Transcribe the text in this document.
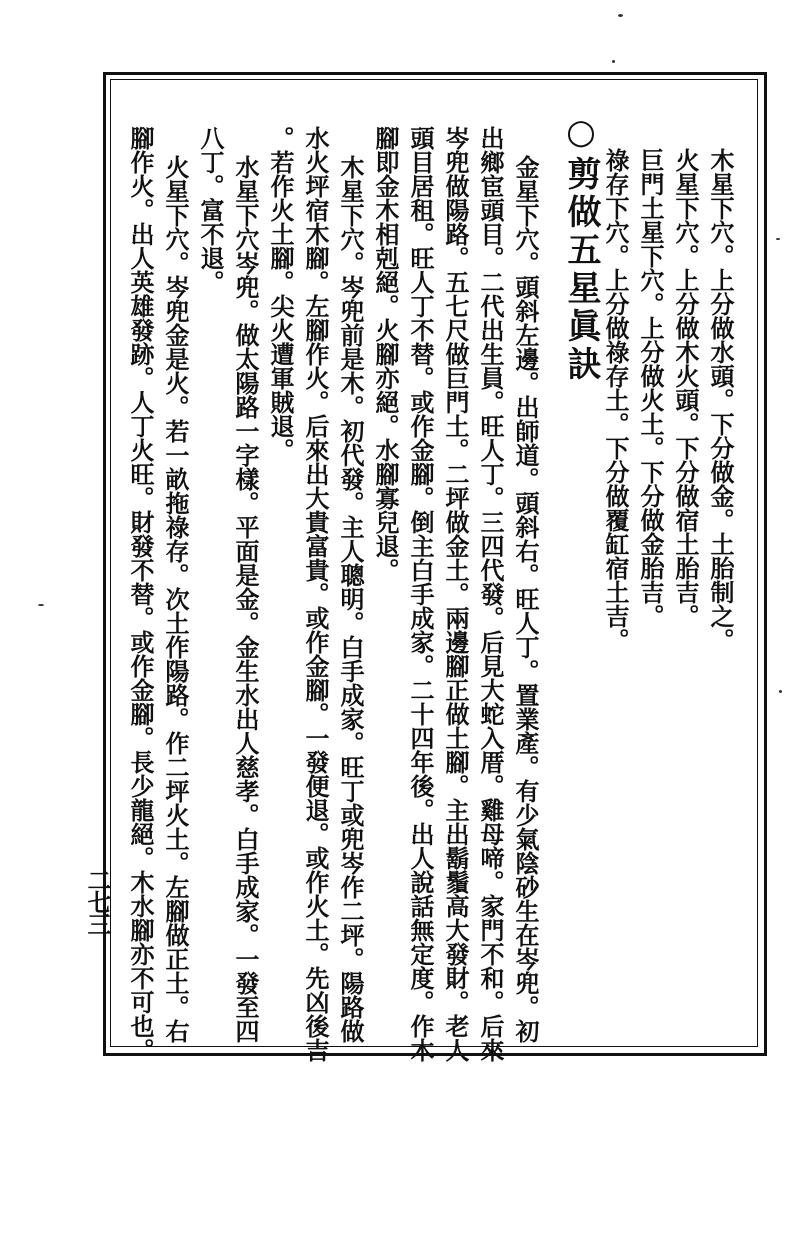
木星下穴。上分做水頭。下分做金。土胎制之。
火星下穴。上分做木火頭。下分做宿土胎吉。
巨門土星下穴。上分做火土。下分做金胎吉。
祿存下穴。上分做祿存土。下分做覆缸宿土吉。
○剪做五星眞訣
金星下穴。頭斜左邊。出師道。頭斜右。旺人丁。置業產。有少氣陰砂生在岑兜。初
出鄉宦頭目。二代出生員。旺人丁。三四代發。后見大蛇入厝。雞母啼。家門不和。后來
岑兜做陽路。五七尺做巨門土。二坪做金土。兩邊腳正做土腳。主出鬍鬚高大發財。老人
頭目居租。旺人丁不替。或作金腳。倒主白手成家。二十四年後。出人說話無定度。作木
腳即金木相剋絕。火腳亦絕。水腳寡兒退。
木星下穴。岑兜前是木。初代發。主人聰明。白手成家。旺丁或兜岑作二坪。陽路做
水火坪宿木腳。左腳作火。后來出大貴富貴。或作金腳。一發便退。或作火土。先凶後吉
。若作火土腳。尖火遭軍賊退。
水星下穴岑兜。做太陽路一字樣。平面是金。金生水出人慈孝。白手成家。一發至四
八丁。富不退。
火星下穴。岑兜金是火。若一畝拖祿存。次土作陽路。作二坪火土。左腳做正土。右
腳作火。出人英雄發跡。人丁火旺。財發不替。或作金腳。長少龍絕。木水腳亦不可也。
二七三
